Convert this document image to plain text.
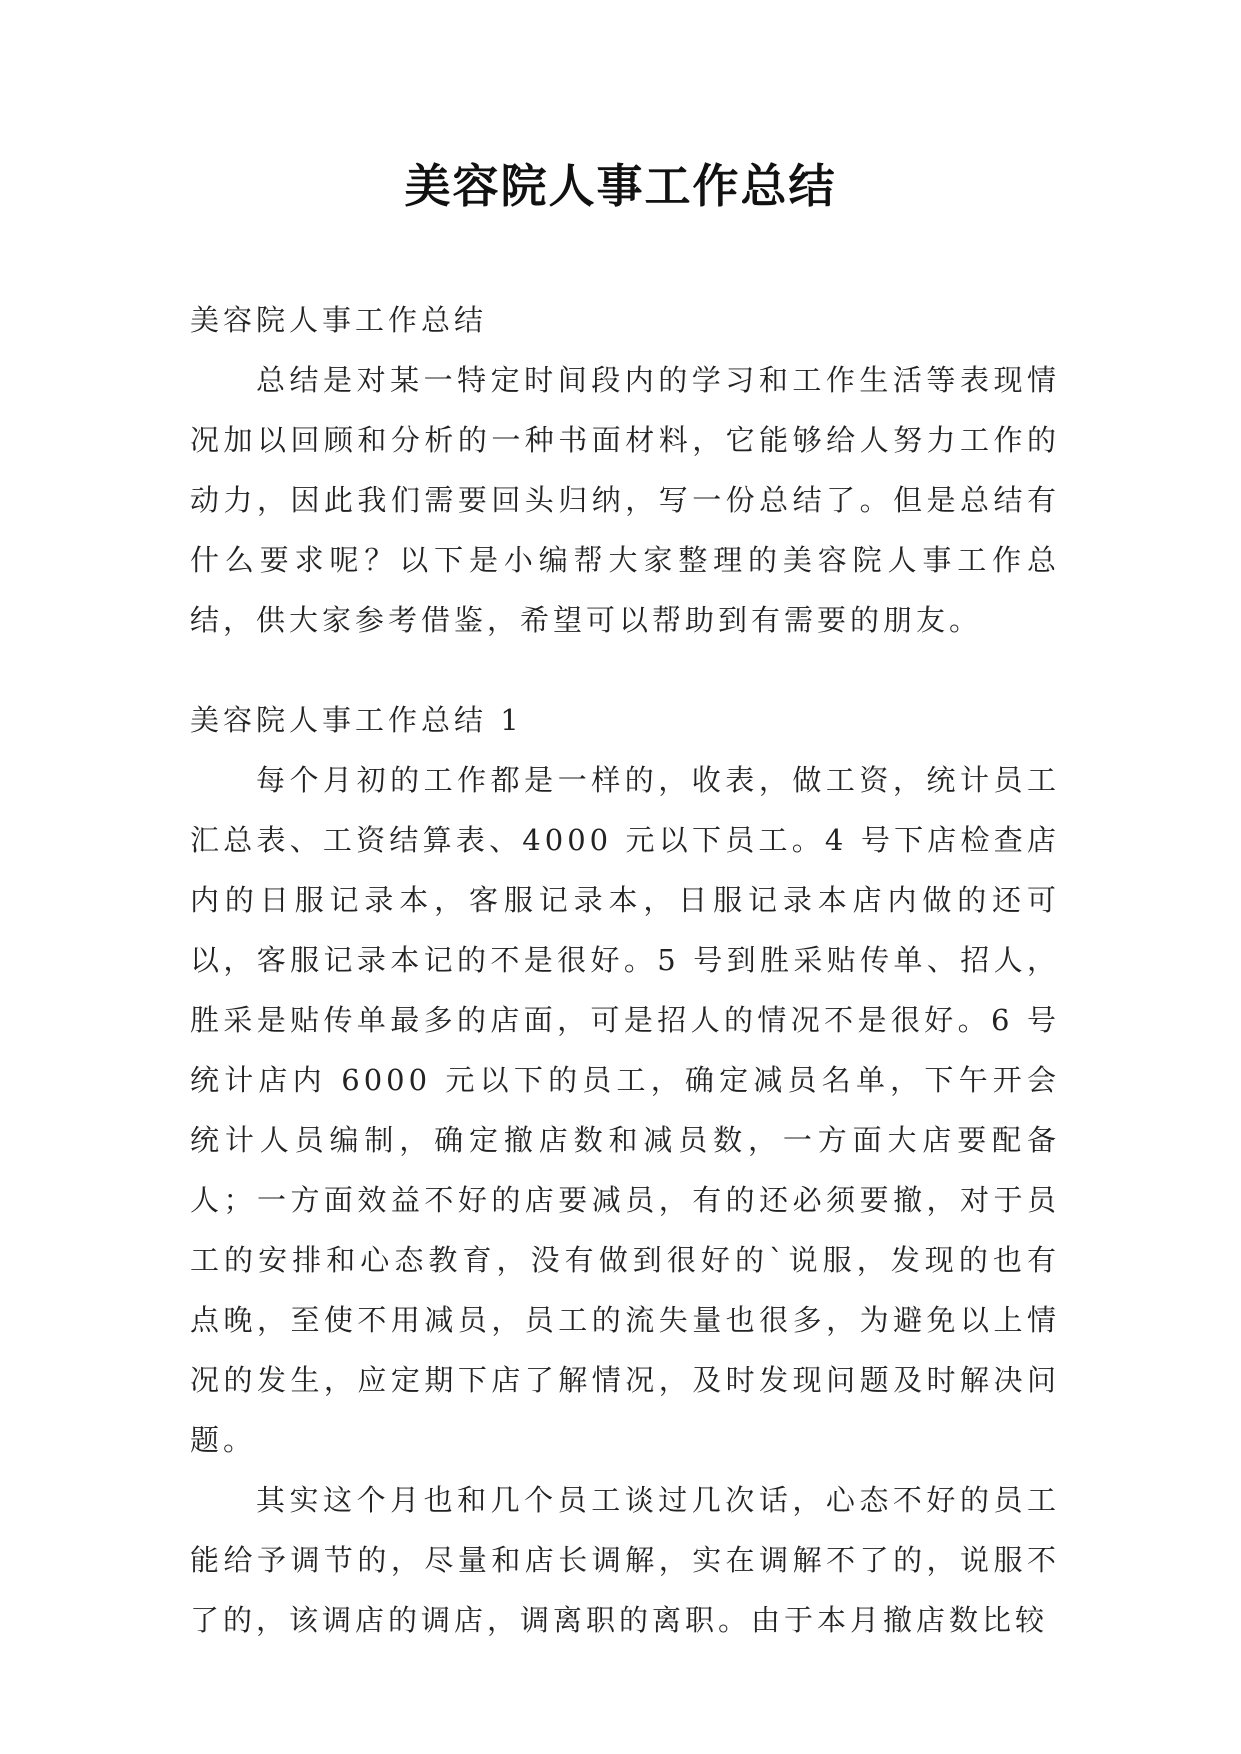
美容院人事工作总结

美容院人事工作总结

总结是对某一特定时间段内的学习和工作生活等表现情况加以回顾和分析的一种书面材料，它能够给人努力工作的动力，因此我们需要回头归纳，写一份总结了。但是总结有什么要求呢？以下是小编帮大家整理的美容院人事工作总结，供大家参考借鉴，希望可以帮助到有需要的朋友。

美容院人事工作总结 1

每个月初的工作都是一样的，收表，做工资，统计员工汇总表、工资结算表、4000 元以下员工。4 号下店检查店内的日服记录本，客服记录本，日服记录本店内做的还可以，客服记录本记的不是很好。5 号到胜采贴传单、招人，胜采是贴传单最多的店面，可是招人的情况不是很好。6 号统计店内 6000 元以下的员工，确定减员名单，下午开会统计人员编制，确定撤店数和减员数，一方面大店要配备人；一方面效益不好的店要减员，有的还必须要撤，对于员工的安排和心态教育，没有做到很好的`说服，发现的也有点晚，至使不用减员，员工的流失量也很多，为避免以上情况的发生，应定期下店了解情况，及时发现问题及时解决问题。

其实这个月也和几个员工谈过几次话，心态不好的员工能给予调节的，尽量和店长调解，实在调解不了的，说服不了的，该调店的调店，调离职的离职。由于本月撤店数比较
